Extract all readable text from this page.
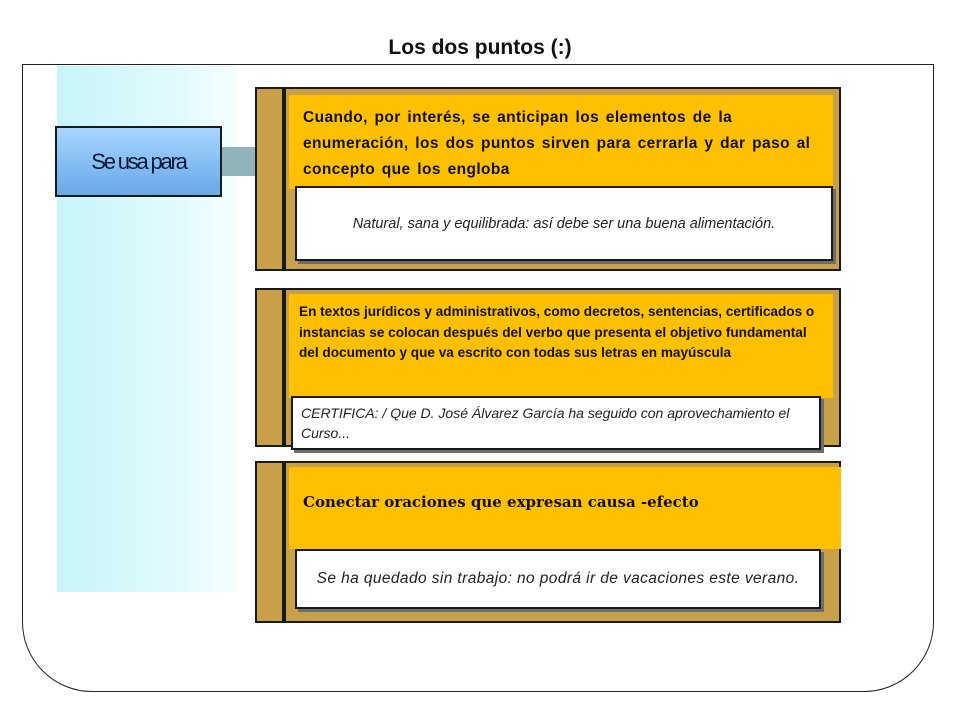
Los dos puntos (:)
Se usa para
Cuando, por interés, se anticipan los elementos de la enumeración, los dos puntos sirven para cerrarla y dar paso al concepto que los engloba
Natural, sana y equilibrada: así debe ser una buena alimentación.
En textos jurídicos y administrativos, como decretos, sentencias, certificados o instancias se colocan después del verbo que presenta el objetivo fundamental del documento y que va escrito con todas sus letras en mayúscula
CERTIFICA: / Que D. José Álvarez García ha seguido con aprovechamiento el Curso...
Conectar oraciones que expresan causa -efecto
Se ha quedado sin trabajo: no podrá ir de vacaciones este verano.
